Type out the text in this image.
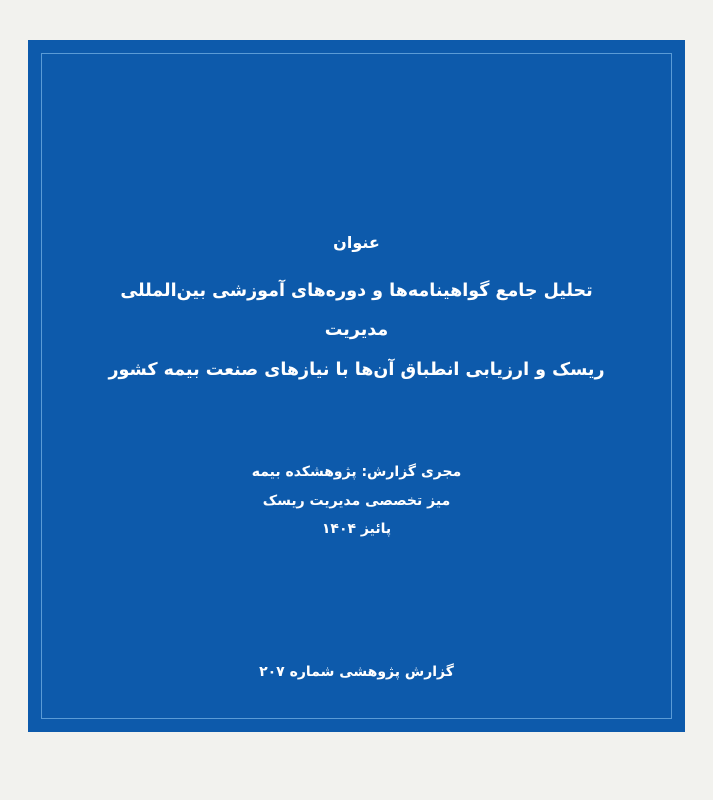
عنوان
تحلیل جامع گواهینامه‌ها و دوره‌های آموزشی بین‌المللی مدیریت
ریسک و ارزیابی انطباق آن‌ها با نیازهای صنعت بیمه کشور
مجری گزارش: پژوهشکده بیمه
میز تخصصی مدیریت ریسک
پائیز ۱۴۰۴
گزارش پژوهشی شماره ۲۰۷
